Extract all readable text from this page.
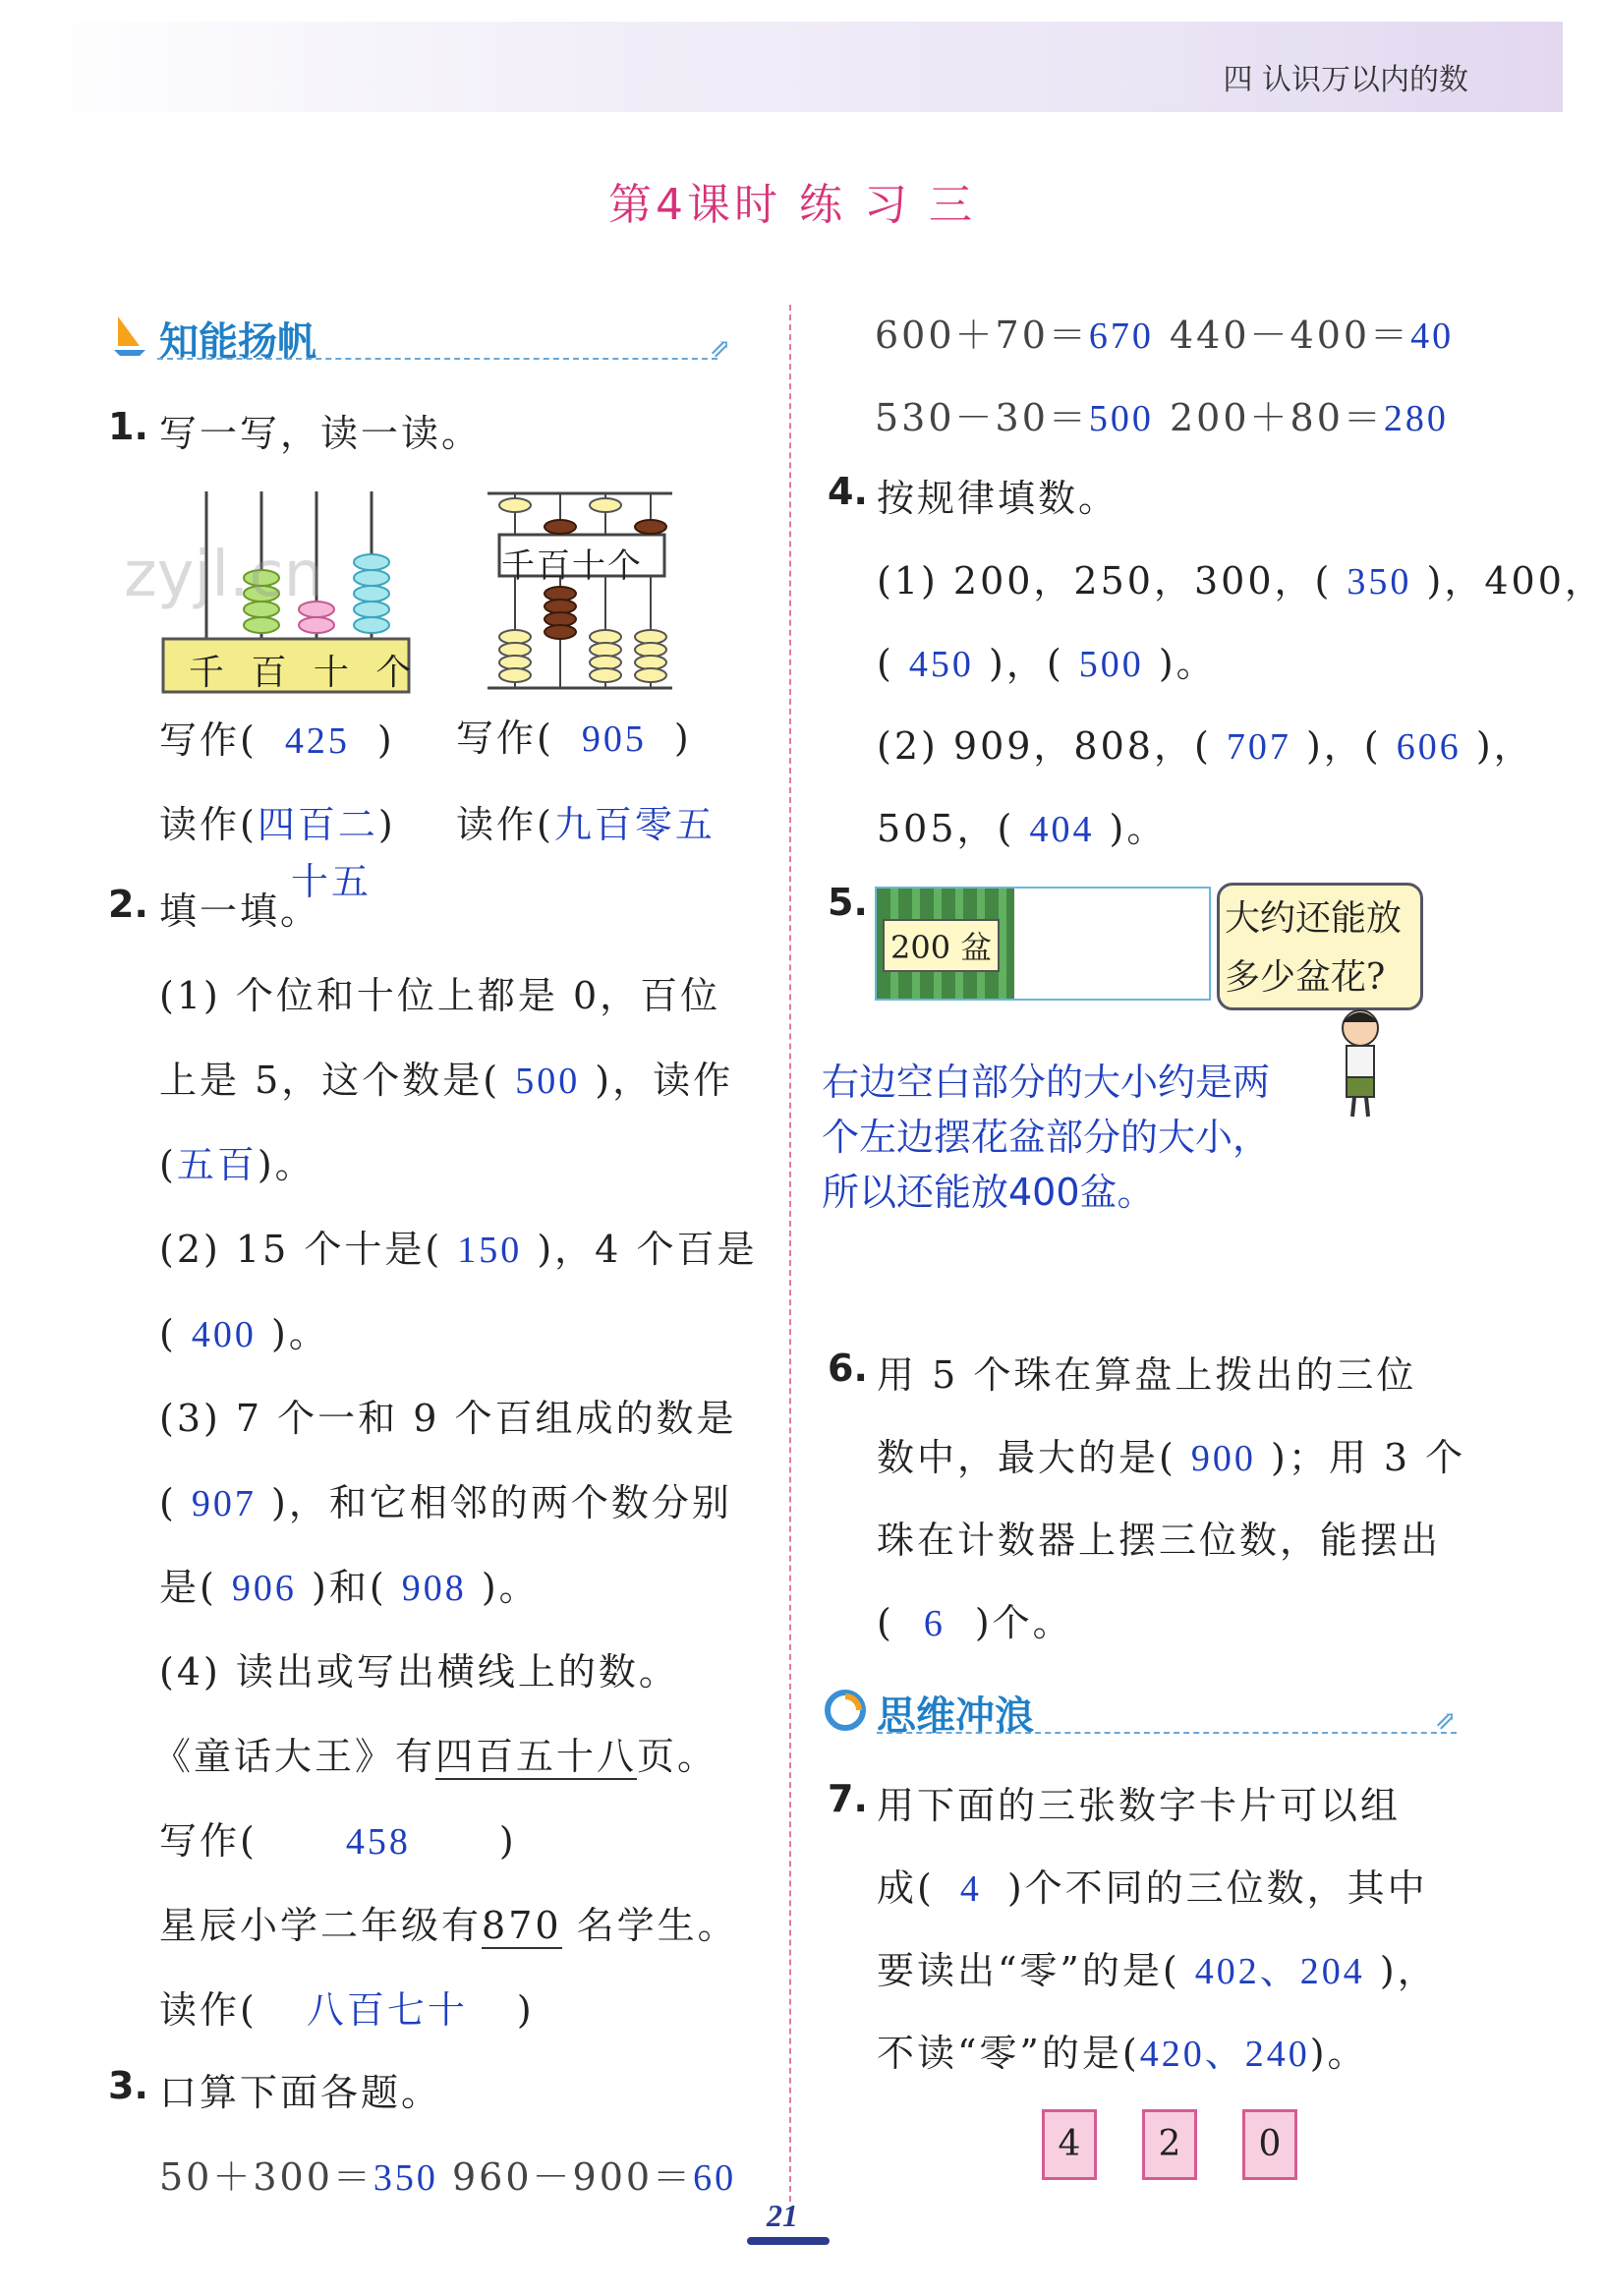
四 认识万以内的数
第4课时 练 习 三
知能扬帆	⇗
1. 写一写，读一读。
千 百 十 个
zyjl.cn	千百十个
写作( 425 ) 写作( 905 )
读作(四百二)
十五
读作(九百零五
2. 填一填。
(1) 个位和十位上都是 0，百位
上是 5，这个数是( 500 )，读作
(五百)。
(2) 15 个十是( 150 )，4 个百是
( 400 )。
(3) 7 个一和 9 个百组成的数是
( 907 )，和它相邻的两个数分别
是( 906 )和( 908 )。
(4) 读出或写出横线上的数。
《童话大王》有四百五十八页。
写作( 458 )
星辰小学二年级有870 名学生。
读作( 八百七十 )
3. 口算下面各题。
50＋300＝350 960－900＝60
600＋70＝670 440－400＝40
530－30＝500 200＋80＝280
4. 按规律填数。
(1) 200，250，300，( 350 )，400，
( 450 )，( 500 )。
(2) 909，808，( 707 )，( 606 )，
505，( 404 )。
5.
200 盆
大约还能放
多少盆花?
右边空白部分的大小约是两
个左边摆花盆部分的大小，
所以还能放400盆。
6. 用 5 个珠在算盘上拨出的三位
数中，最大的是( 900 )；用 3 个
珠在计数器上摆三位数，能摆出
( 6 )个。
思维冲浪	⇗
7. 用下面的三张数字卡片可以组
成( 4 )个不同的三位数，其中
要读出“零”的是( 402、204 )，
不读“零”的是(420、240)。
4	2	0
21
